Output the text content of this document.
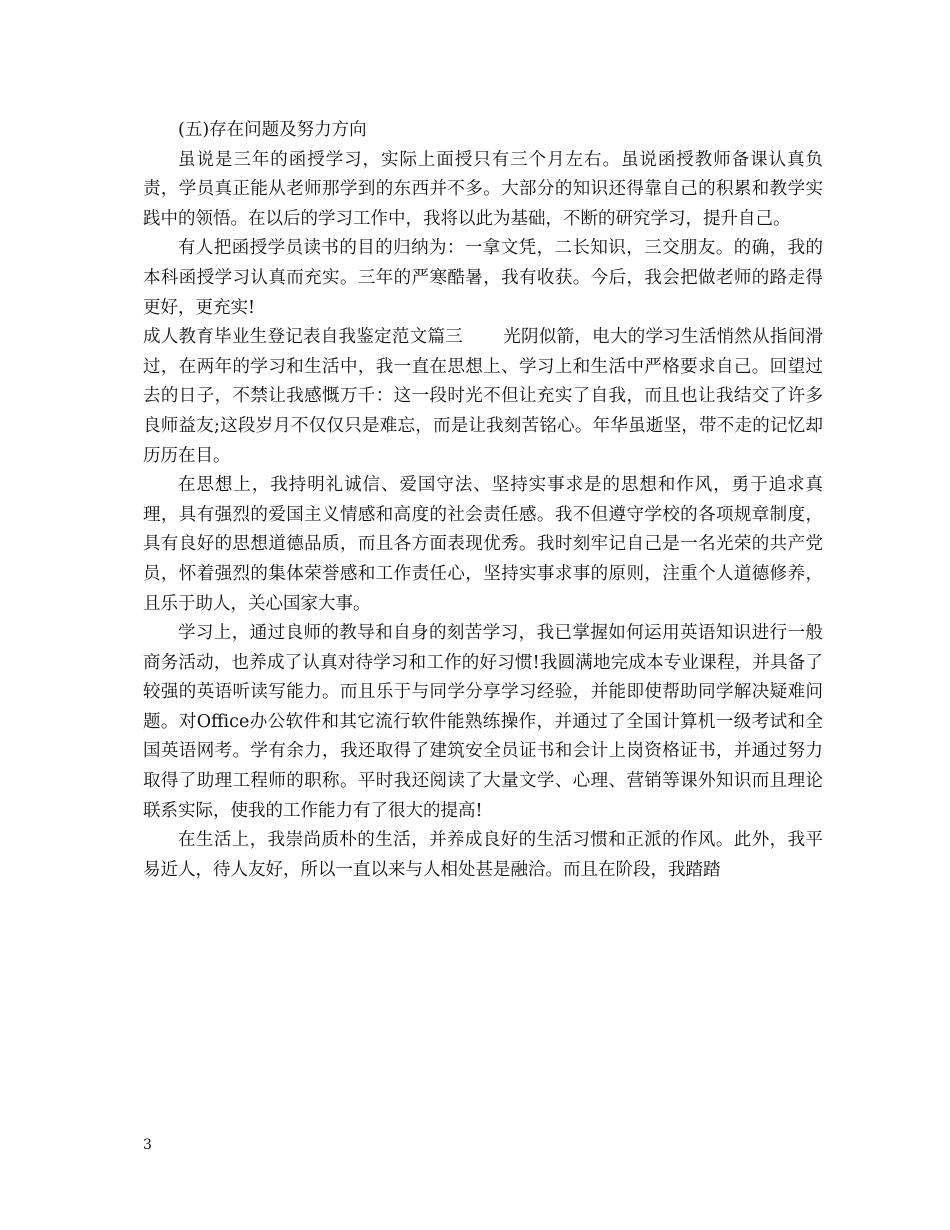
(五)存在问题及努力方向

虽说是三年的函授学习，实际上面授只有三个月左右。虽说函授教师备课认真负责，学员真正能从老师那学到的东西并不多。大部分的知识还得靠自己的积累和教学实践中的领悟。在以后的学习工作中，我将以此为基础，不断的研究学习，提升自己。

有人把函授学员读书的目的归纳为：一拿文凭，二长知识，三交朋友。的确，我的本科函授学习认真而充实。三年的严寒酷暑，我有收获。今后，我会把做老师的路走得更好，更充实!

成人教育毕业生登记表自我鉴定范文篇三 光阴似箭，电大的学习生活悄然从指间滑过，在两年的学习和生活中，我一直在思想上、学习上和生活中严格要求自己。回望过去的日子，不禁让我感慨万千：这一段时光不但让充实了自我，而且也让我结交了许多良师益友;这段岁月不仅仅只是难忘，而是让我刻苦铭心。年华虽逝坚，带不走的记忆却历历在目。

在思想上，我持明礼诚信、爱国守法、坚持实事求是的思想和作风，勇于追求真理，具有强烈的爱国主义情感和高度的社会责任感。我不但遵守学校的各项规章制度，具有良好的思想道德品质，而且各方面表现优秀。我时刻牢记自己是一名光荣的共产党员，怀着强烈的集体荣誉感和工作责任心，坚持实事求事的原则，注重个人道德修养，且乐于助人，关心国家大事。

学习上，通过良师的教导和自身的刻苦学习，我已掌握如何运用英语知识进行一般商务活动，也养成了认真对待学习和工作的好习惯!我圆满地完成本专业课程，并具备了较强的英语听读写能力。而且乐于与同学分享学习经验，并能即使帮助同学解决疑难问题。对Office办公软件和其它流行软件能熟练操作，并通过了全国计算机一级考试和全国英语网考。学有余力，我还取得了建筑安全员证书和会计上岗资格证书，并通过努力取得了助理工程师的职称。平时我还阅读了大量文学、心理、营销等课外知识而且理论联系实际，使我的工作能力有了很大的提高!

在生活上，我崇尚质朴的生活，并养成良好的生活习惯和正派的作风。此外，我平易近人，待人友好，所以一直以来与人相处甚是融洽。而且在阶段，我踏踏

3
